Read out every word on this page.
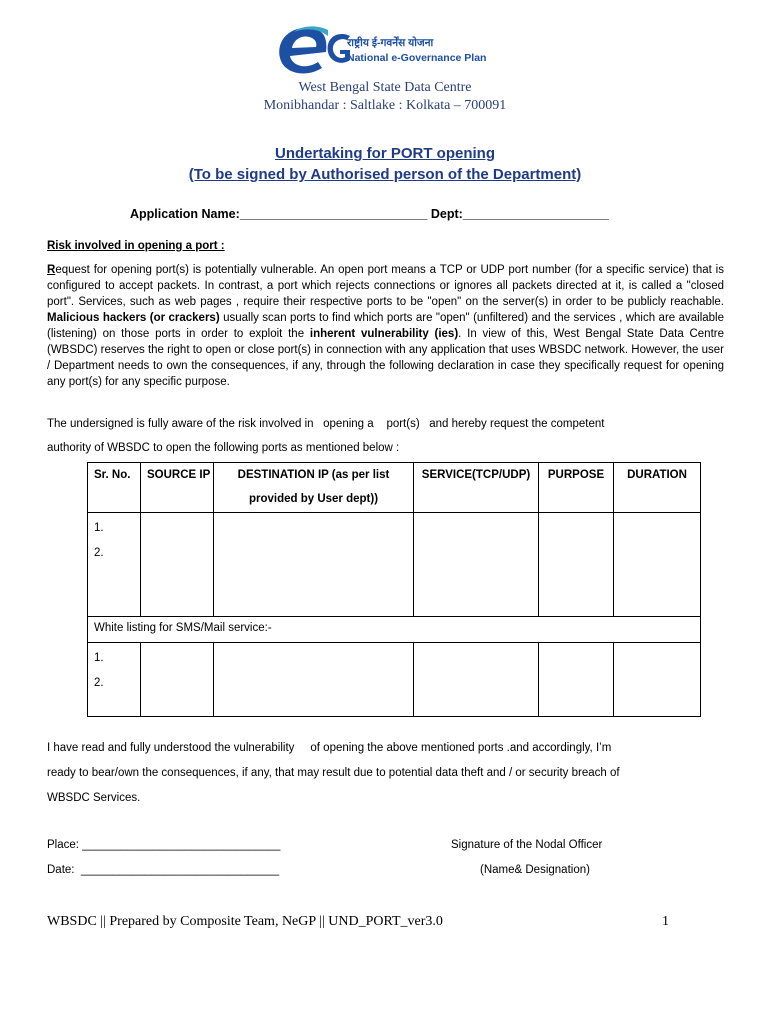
राष्ट्रीय ई-गवर्नेंस योजना
National e-Governance Plan
West Bengal State Data Centre
Monibhandar : Saltlake : Kolkata – 700091
Undertaking for PORT opening
(To be signed by Authorised person of the Department)
Application Name:___________________________ Dept:_____________________
Risk involved in opening a port :
Request for opening port(s) is potentially vulnerable. An open port means a TCP or UDP port number (for a specific service) that is configured to accept packets. In contrast, a port which rejects connections or ignores all packets directed at it, is called a "closed port". Services, such as web pages , require their respective ports to be "open" on the server(s) in order to be publicly reachable. Malicious hackers (or crackers) usually scan ports to find which ports are "open" (unfiltered) and the services , which are available (listening) on those ports in order to exploit the inherent vulnerability (ies). In view of this, West Bengal State Data Centre (WBSDC) reserves the right to open or close port(s) in connection with any application that uses WBSDC network. However, the user / Department needs to own the consequences, if any, through the following declaration in case they specifically request for opening any port(s) for any specific purpose.
The undersigned is fully aware of the risk involved in   opening a    port(s)   and hereby request the competent
authority of WBSDC to open the following ports as mentioned below :
Sr. No.	SOURCE IP	DESTINATION IP (as per list
provided by User dept))	SERVICE(TCP/UDP)	PURPOSE	DURATION

1.
2.					

White listing for SMS/Mail service:-					

1.
2.					

I have read and fully understood the vulnerability     of opening the above mentioned ports .and accordingly, I’m
ready to bear/own the consequences, if any, that may result due to potential data theft and / or security breach of
WBSDC Services.
Place: _______________________________
Date:  _______________________________
Signature of the Nodal Officer
(Name& Designation)
WBSDC || Prepared by Composite Team, NeGP || UND_PORT_ver3.0	1
